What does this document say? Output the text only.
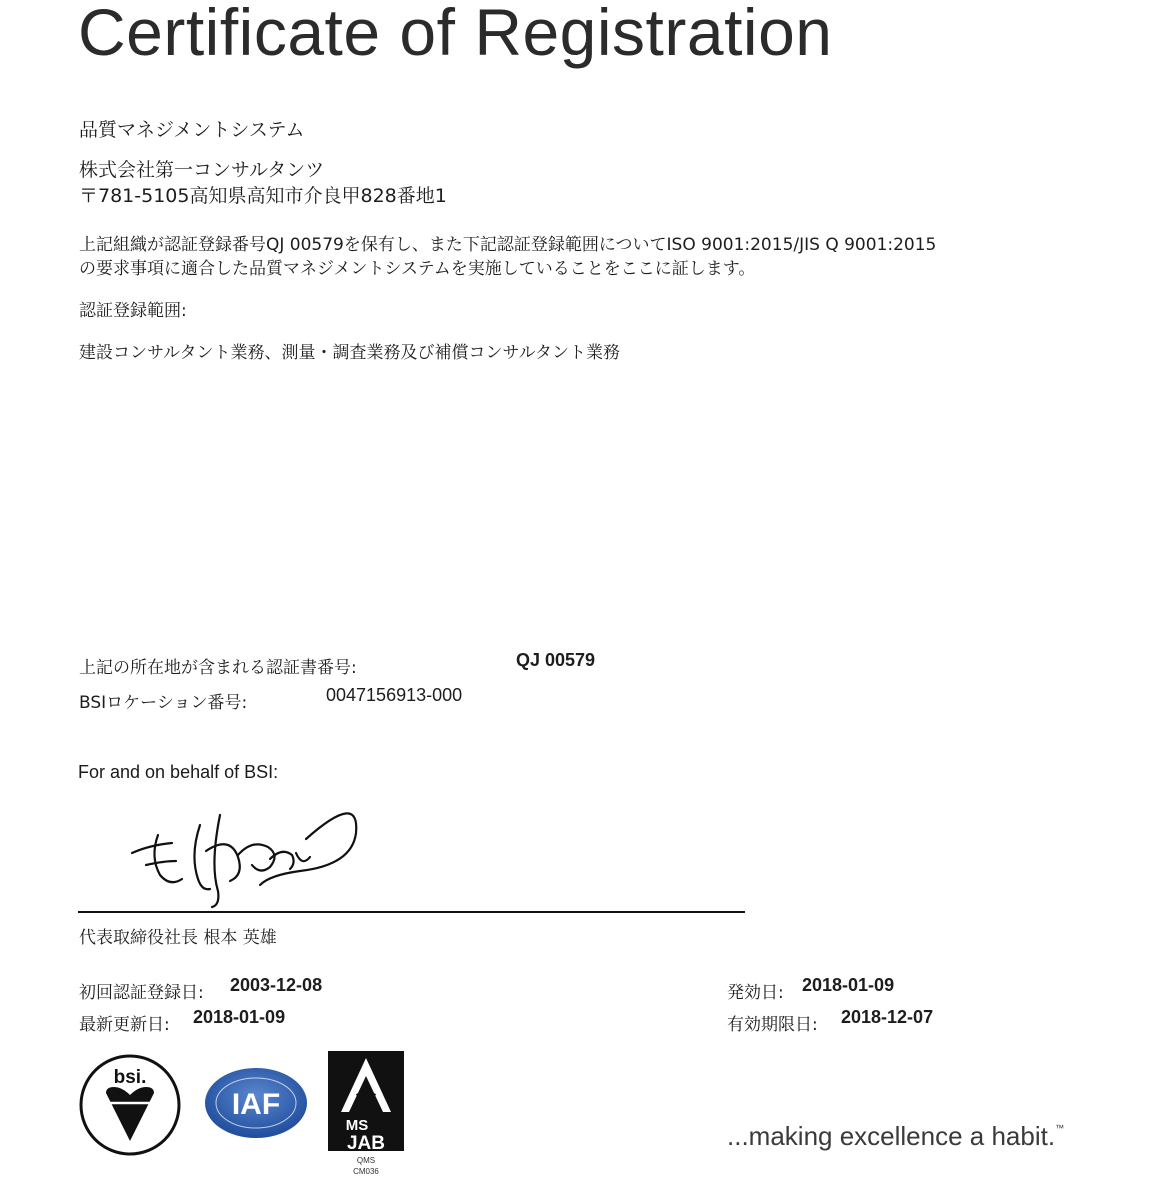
Certificate of Registration
品質マネジメントシステム
株式会社第一コンサルタンツ
〒781-5105高知県高知市介良甲828番地1
上記組織が認証登録番号QJ 00579を保有し、また下記認証登録範囲についてISO 9001:2015/JIS Q 9001:2015
の要求事項に適合した品質マネジメントシステムを実施していることをここに証します。
認証登録範囲:
建設コンサルタント業務、測量・調査業務及び補償コンサルタント業務
上記の所在地が含まれる認証書番号:	QJ 00579
BSIロケーション番号:	0047156913-000
For and on behalf of BSI:
代表取締役社長 根本 英雄
初回認証登録日: 2003-12-08
最新更新日: 2018-01-09
発効日: 2018-01-09
有効期限日: 2018-12-07
bsi.
IAF
MS
JAB
QMS
CM036
...making excellence a habit.™
